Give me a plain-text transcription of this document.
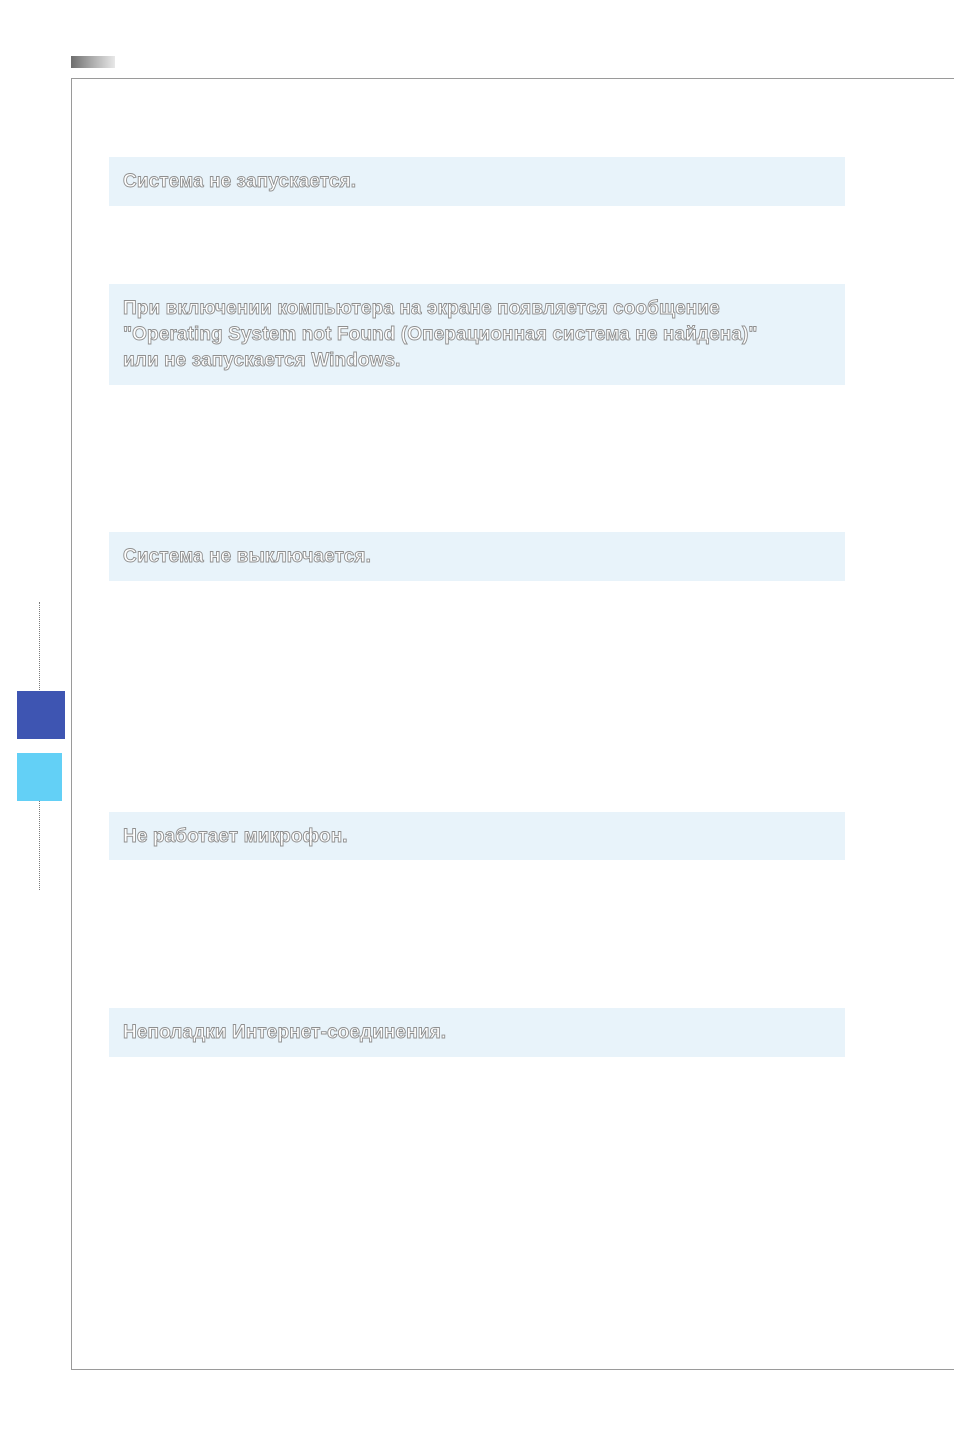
Система не запускается.

При включении компьютера на экране появляется сообщение
"Operating System not Found (Операционная система не найдена)"
или не запускается Windows.

Система не выключается.

Не работает микрофон.

Неполадки Интернет-соединения.
